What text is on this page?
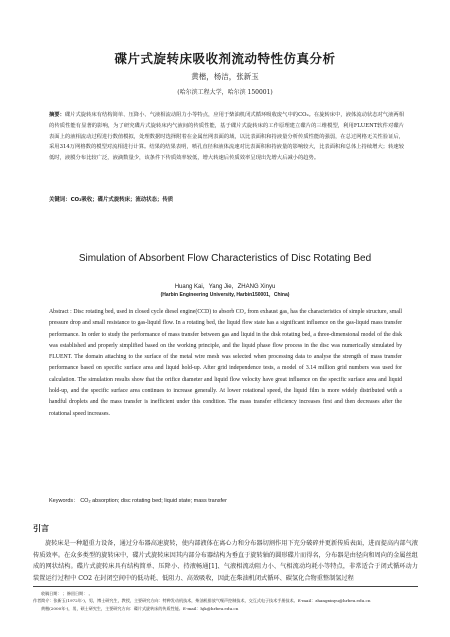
碟片式旋转床吸收剂流动特性仿真分析
黄楷，杨洁，张新玉
(哈尔滨工程大学，哈尔滨 150001)
摘要：碟片式旋转床有结构简单、压降小、气液相流动阻力小等特点，应用于柴油机闭式循环吸收废气中的CO₂。在旋转床中，液体流动状态对气液两相的传质性能有显著的影响，为了研究碟片式旋转床内气液间的传质性能，基于碟片式旋转床的工作原理建立碟片的三维模型，利用FLUENT软件对碟片表面上的液相流动过程进行数值模拟，处理数据时选择附着在金属丝网表面的域，以比表面积和持液量分析传质性能的强弱，在总过网格无关性验证后，采用314万网格数的模型对流相进行计算。结果的结果表明，喷孔直径和液体流速对比表面积和持液量的影响较大，比表面积和总体上持续增大；转速较低时，液膜分布比较广泛，液滴数量少，该条件下传质效率较低，增大转速后传质效率呈现出先增大后减小的趋势。
关键词：CO₂吸收；碟片式旋转床；流动状态；传质
Simulation of Absorbent Flow Characteristics of Disc Rotating Bed
Huang Kai，Yang Jie，ZHANG Xinyu
(Harbin Engineering University, Harbin150001，China)
Abstract : Disc rotating bed, used in closed cycle diesel engine(CCD) to absorb CO₂ from exhaust gas, has the characteristics of simple structure, small pressure drop and small resistance to gas-liquid flow. In a rotating bed, the liquid flow state has a significant influence on the gas-liquid mass transfer performance. In order to study the performance of mass transfer between gas and liquid in the disk rotating bed, a three-dimensional model of the disk was established and properly simplified based on the working principle, and the liquid phase flow process in the disc was numerically simulated by FLUENT. The domain attaching to the surface of the metal wire mesh was selected when processing data to analyse the strength of mass transfer performance based on specific surface area and liquid hold-up. After grid independence tests, a model of 3.14 million grid numbers was used for calculation. The simulation results show that the orifice diameter and liquid flow velocity have great influence on the specific surface area and liquid hold-up, and the specific surface area continues to increase generally. At lower rotational speed, the liquid film is more widely distributed with a handful droplets and the mass transfer is inefficient under this condition. The mass transfer efficiency increases first and then decreases after the rotational speed increases.
Keywords： CO₂ absorption; disc rotating bed; liquid state; mass transfer
引言
旋转床是一种超重力设备，通过分布器高速旋转，使内部液体在离心力和分布器切割作用下充分破碎并更新传质表面，进而提高内部气液传质效率。在众多类型的旋转床中，碟片式旋转床因其内部分布器结构为垂直于旋转轴的圆形碟片而得名，分布器是由径向和周向的金属丝组成的网状结构。碟片式旋转床具有结构简单、压降小、持液畅通[1]、气液相流动阻力小、气相流动均耗小等特点，非常适合于闭式循环动力装置运行过程中 CO2 在封闭空间中的低功耗、低阻力、高效吸收，因此在柴油机闭式循环、碳氢化合物重整制氢过程
收稿日期： ；修回日期： 。
作者简介：张新玉(1972年-)，男，博士研究生，教授，主要研究方向：特种发动机技术，柴油机排放气噪声控制技术，交互式电子技术手册技术。E-mail：zhangxinyu@hrbeu.edu.cn
黄楷(2000年-)，男，硕士研究生，主要研究方向：碟片式旋转床的传质性能。E-mail：hjk@hrbeu.edu.cn
